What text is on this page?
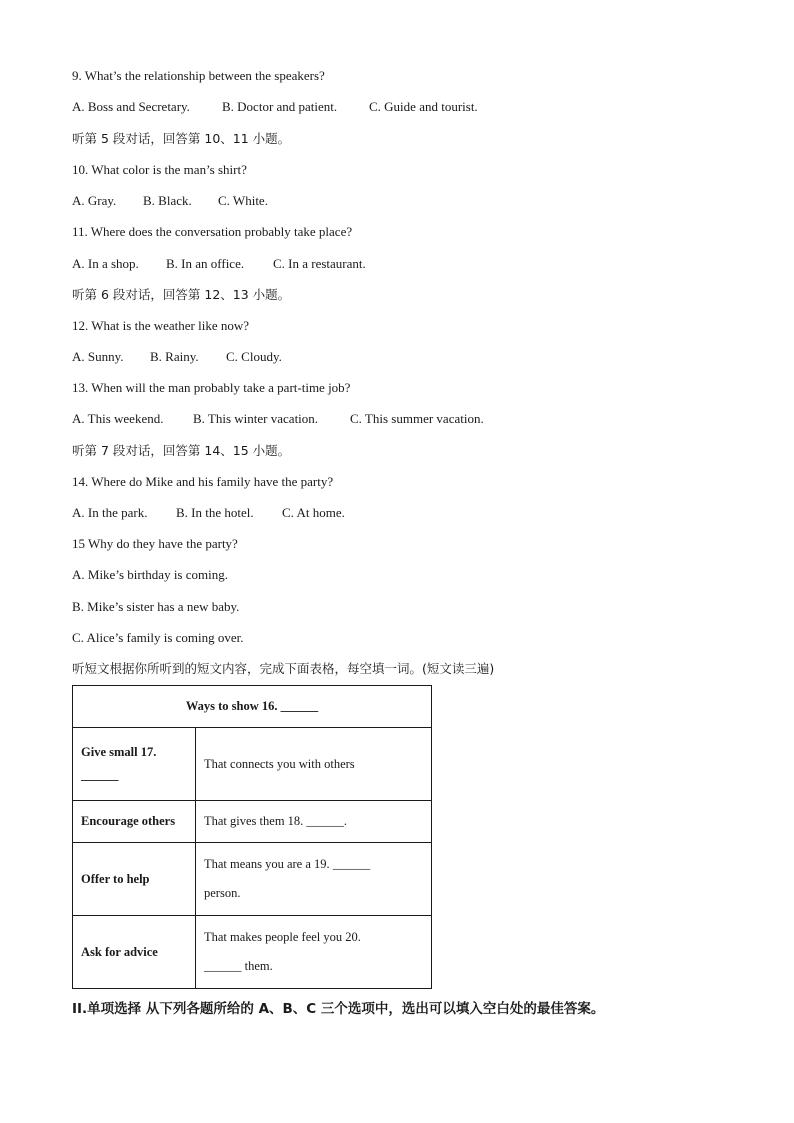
9. What’s the relationship between the speakers?
A. Boss and Secretary. B. Doctor and patient. C. Guide and tourist.
听第 5 段对话，回答第 10、11 小题。
10. What color is the man’s shirt?
A. Gray. B. Black. C. White.
11. Where does the conversation probably take place?
A. In a shop. B. In an office. C. In a restaurant.
听第 6 段对话，回答第 12、13 小题。
12. What is the weather like now?
A. Sunny. B. Rainy. C. Cloudy.
13. When will the man probably take a part-time job?
A. This weekend. B. This winter vacation. C. This summer vacation.
听第 7 段对话，回答第 14、15 小题。
14. Where do Mike and his family have the party?
A. In the park. B. In the hotel. C. At home.
15 Why do they have the party?
A. Mike’s birthday is coming.
B. Mike’s sister has a new baby.
C. Alice’s family is coming over.
听短文根据你所听到的短文内容，完成下面表格，每空填一词。(短文读三遍)
Ways to show 16. ______	

Give small 17.
______	That connects you with others
Encourage others	That gives them 18. ______.
Offer to help	That means you are a 19. ______
person.

Ask for advice	That makes people feel you 20.
______ them.
II.单项选择 从下列各题所给的 A、B、C 三个选项中，选出可以填入空白处的最佳答案。
